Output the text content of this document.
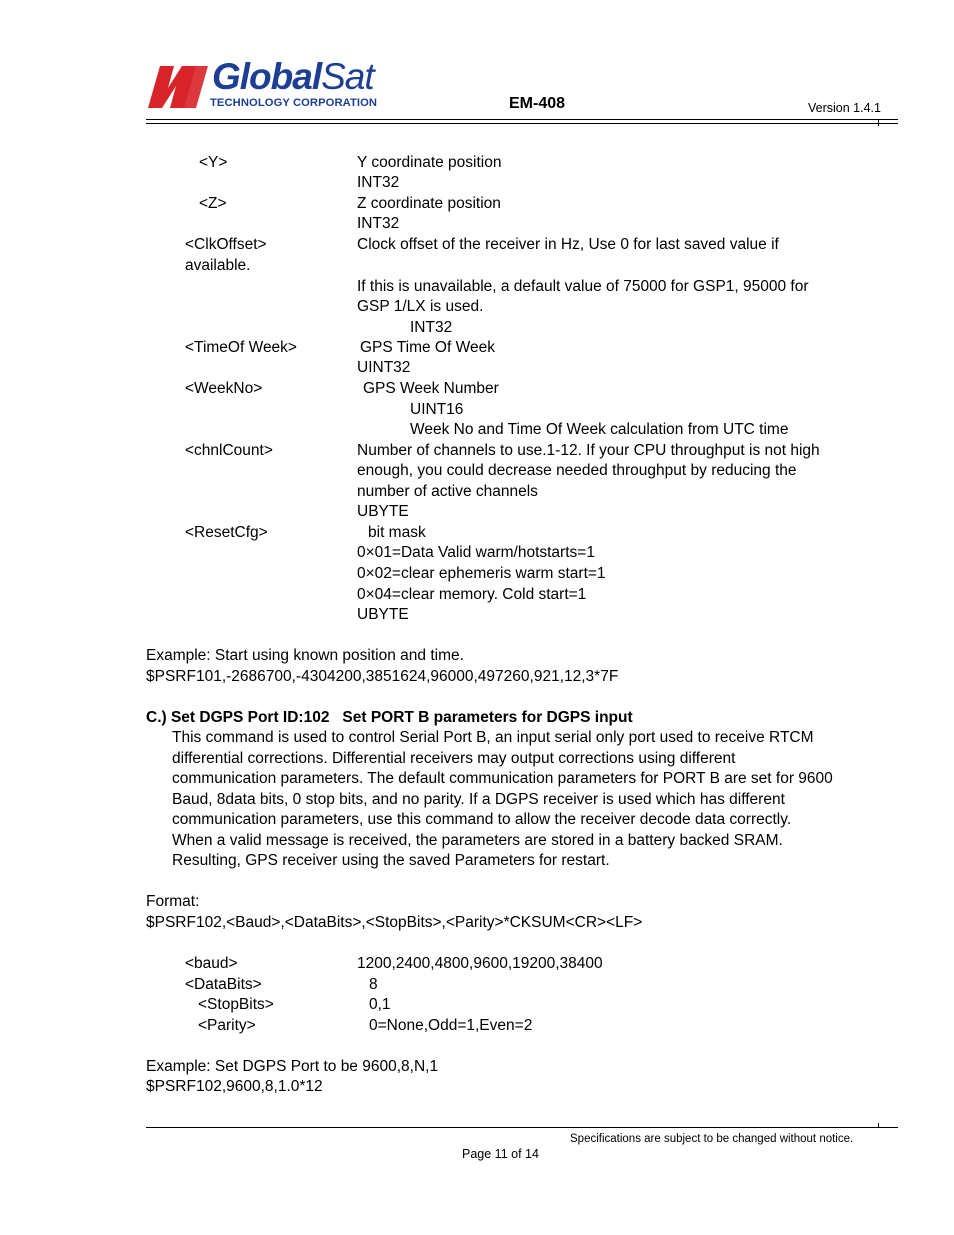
GlobalSat
TECHNOLOGY CORPORATION	EM-408	Version 1.4.1
<Y>	Y coordinate position
INT32
<Z>	Z coordinate position
INT32
<ClkOffset>	Clock offset of the receiver in Hz, Use 0 for last saved value if
available.
If this is unavailable, a default value of 75000 for GSP1, 95000 for
GSP 1/LX is used.
INT32
<TimeOf Week>	GPS Time Of Week
UINT32
<WeekNo>	GPS Week Number
UINT16
Week No and Time Of Week calculation from UTC time
<chnlCount>	Number of channels to use.1-12. If your CPU throughput is not high
enough, you could decrease needed throughput by reducing the
number of active channels
UBYTE
<ResetCfg>	bit mask
0×01=Data Valid warm/hotstarts=1
0×02=clear ephemeris warm start=1
0×04=clear memory. Cold start=1
UBYTE
Example: Start using known position and time.
$PSRF101,-2686700,-4304200,3851624,96000,497260,921,12,3*7F
C.) Set DGPS Port ID:102 Set PORT B parameters for DGPS input
This command is used to control Serial Port B, an input serial only port used to receive RTCM
differential corrections. Differential receivers may output corrections using different
communication parameters. The default communication parameters for PORT B are set for 9600
Baud, 8data bits, 0 stop bits, and no parity. If a DGPS receiver is used which has different
communication parameters, use this command to allow the receiver decode data correctly.
When a valid message is received, the parameters are stored in a battery backed SRAM.
Resulting, GPS receiver using the saved Parameters for restart.
Format:
$PSRF102,<Baud>,<DataBits>,<StopBits>,<Parity>*CKSUM<CR><LF>
<baud>	1200,2400,4800,9600,19200,38400
<DataBits>	8
<StopBits>	0,1
<Parity>	0=None,Odd=1,Even=2
Example: Set DGPS Port to be 9600,8,N,1
$PSRF102,9600,8,1.0*12
Specifications are subject to be changed without notice.
Page 11 of 14
